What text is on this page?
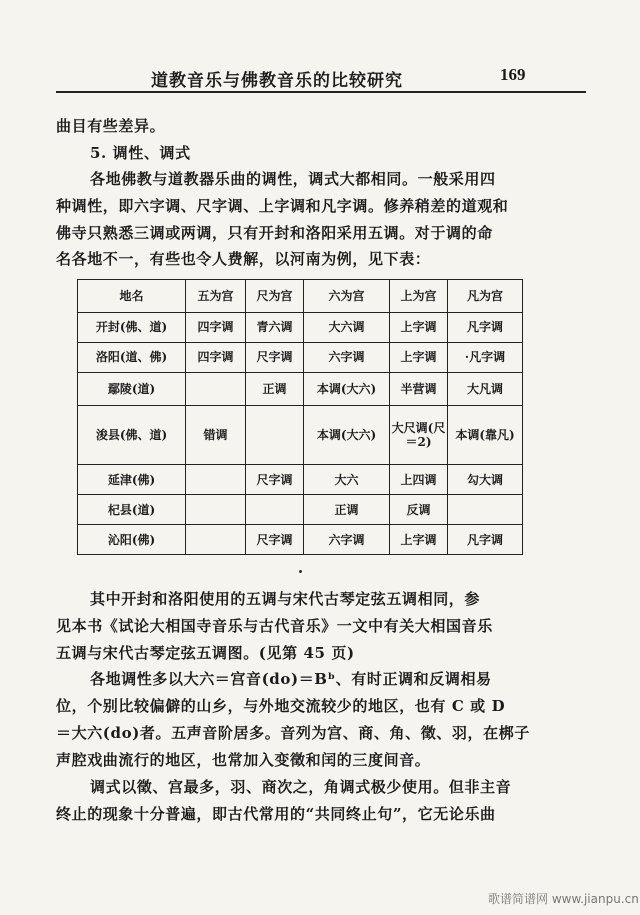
道教音乐与佛教音乐的比较研究	169
曲目有些差异。
5. 调性、调式
各地佛教与道教器乐曲的调性，调式大都相同。一般采用四
种调性，即六字调、尺字调、上字调和凡字调。修养稍差的道观和
佛寺只熟悉三调或两调，只有开封和洛阳采用五调。对于调的命
名各地不一，有些也令人费解，以河南为例，见下表：
地名	五为宫	尺为宫	六为宫	上为宫	凡为宫
开封(佛、道)	四字调	青六调	大六调	上字调	凡字调
洛阳(道、佛)	四字调	尺字调	六字调	上字调	·凡字调
鄢陵(道)		正调	本调(大六)	半营调	大凡调
浚县(佛、道)	错调		本调(大六)	大尺调(尺＝2)	本调(靠凡)
延津(佛)		尺字调	大六	上四调	勾大调
杞县(道)			正调	反调	
沁阳(佛)		尺字调	六字调	上字调	凡字调
其中开封和洛阳使用的五调与宋代古琴定弦五调相同，参
见本书《试论大相国寺音乐与古代音乐》一文中有关大相国音乐
五调与宋代古琴定弦五调图。(见第 45 页)
各地调性多以大六＝宫音(do)＝Bᵇ、有时正调和反调相易
位，个别比较偏僻的山乡，与外地交流较少的地区，也有 C 或 D
＝大六(do)者。五声音阶居多。音列为宫、商、角、徵、羽，在梆子
声腔戏曲流行的地区，也常加入变徵和闰的三度间音。
调式以徵、宫最多，羽、商次之，角调式极少使用。但非主音
终止的现象十分普遍，即古代常用的“共同终止句”，它无论乐曲
歌谱简谱网 www.jianpu.cn
